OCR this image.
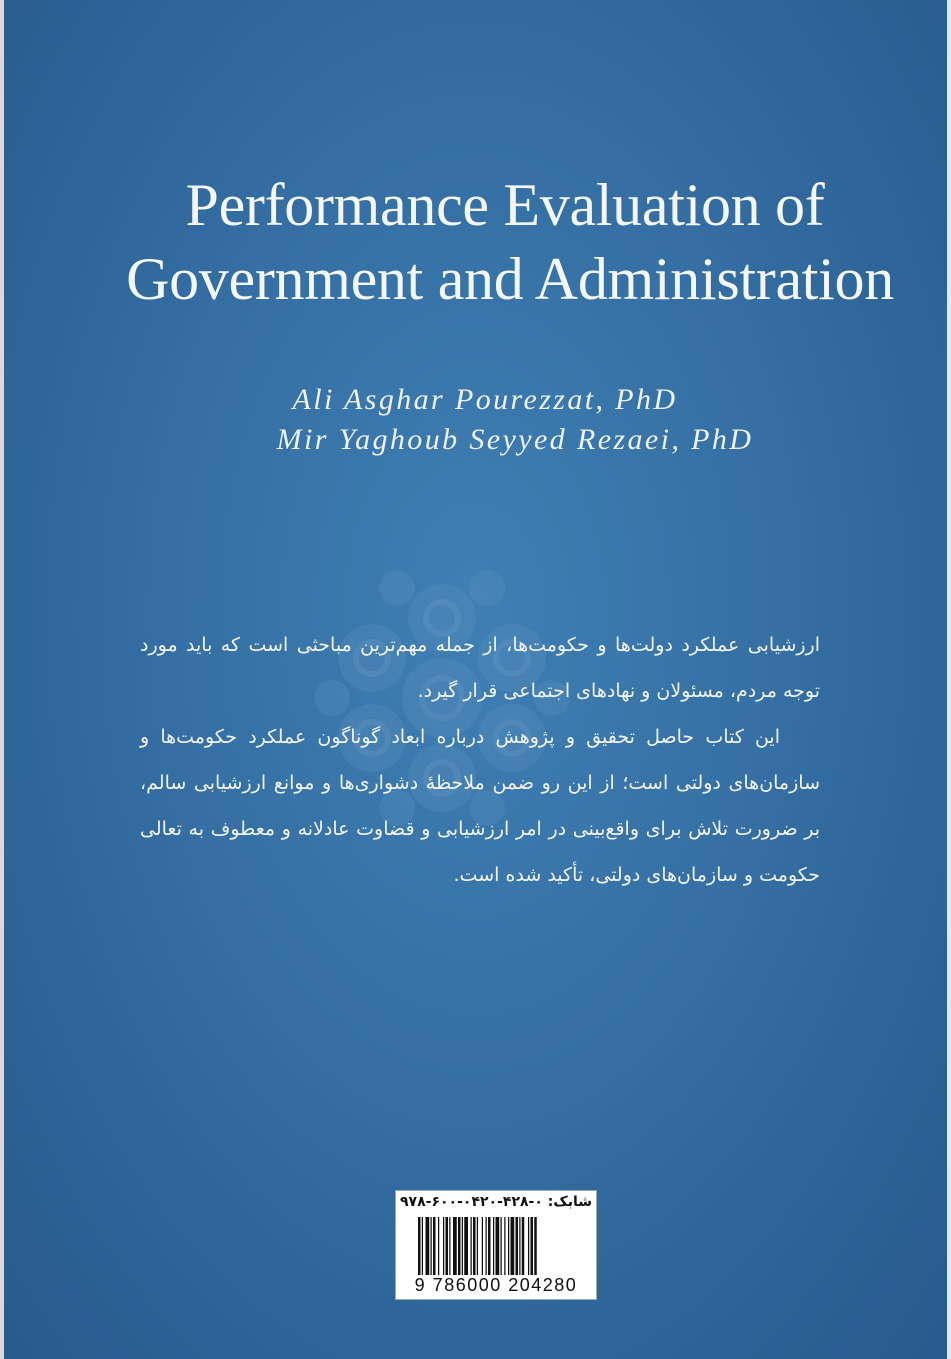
Performance Evaluation of
Government and Administration
Ali Asghar Pourezzat, PhD
Mir Yaghoub Seyyed Rezaei, PhD

ارزشیابی عملکرد دولت‌ها و حکومت‌ها، از جمله مهم‌ترین مباحثی است که باید مورد توجه مردم، مسئولان و نهادهای اجتماعی قرار گیرد.

این کتاب حاصل تحقیق و پژوهش درباره ابعاد گوناگون عملکرد حکومت‌ها و سازمان‌های دولتی است؛ از این رو ضمن ملاحظهٔ دشواری‌ها و موانع ارزشیابی سالم، بر ضرورت تلاش برای واقع‌بینی در امر ارزشیابی و قضاوت عادلانه و معطوف به تعالی حکومت و سازمان‌های دولتی، تأکید شده است.

شابک: ۰-۴۲۸-۰۴۲۰-۶۰۰-۹۷۸
9 786000 204280
